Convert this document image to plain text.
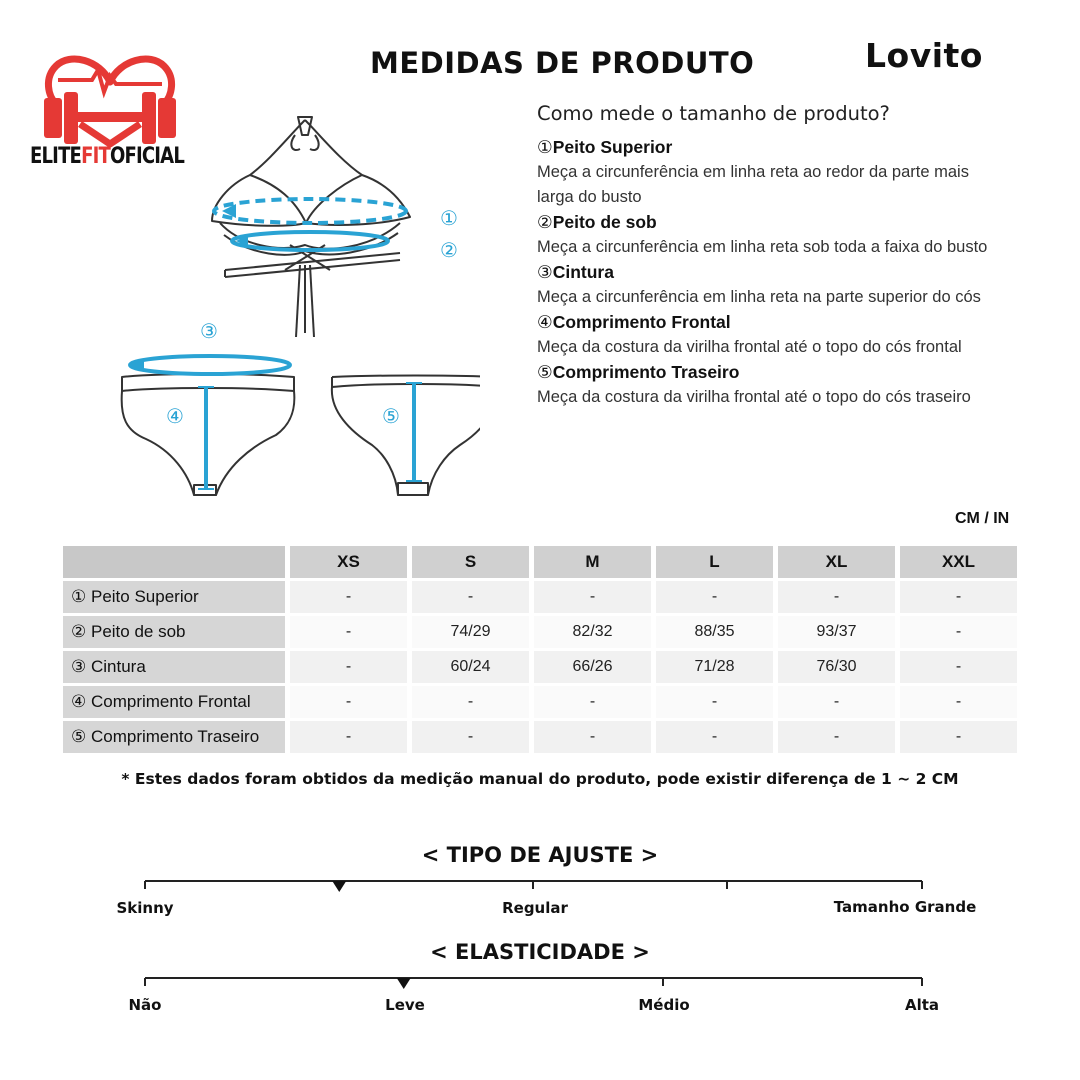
ELITEFITOFICIAL
MEDIDAS DE PRODUTO	Lovito
①
②
③
④	⑤
Como mede o tamanho de produto?
①Peito Superior
Meça a circunferência em linha reta ao redor da parte mais larga do busto
②Peito de sob
Meça a circunferência em linha reta sob toda a faixa do busto
③Cintura
Meça a circunferência em linha reta na parte superior do cós
④Comprimento Frontal
Meça da costura da virilha frontal até o topo do cós frontal
⑤Comprimento Traseiro
Meça da costura da virilha frontal até o topo do cós traseiro
CM / IN
		XS		S		M		L		XL		XXL
① Peito Superior		-		-		-		-		-		-
② Peito de sob		-		74/29		82/32		88/35		93/37		-
③ Cintura		-		60/24		66/26		71/28		76/30		-
④ Comprimento Frontal		-		-		-		-		-		-
⑤ Comprimento Traseiro		-		-		-		-		-		-
* Estes dados foram obtidos da medição manual do produto, pode existir diferença de 1 ~ 2 CM
< TIPO DE AJUSTE >
Skinny	Regular	Tamanho Grande
< ELASTICIDADE >
Não	Leve	Médio	Alta
